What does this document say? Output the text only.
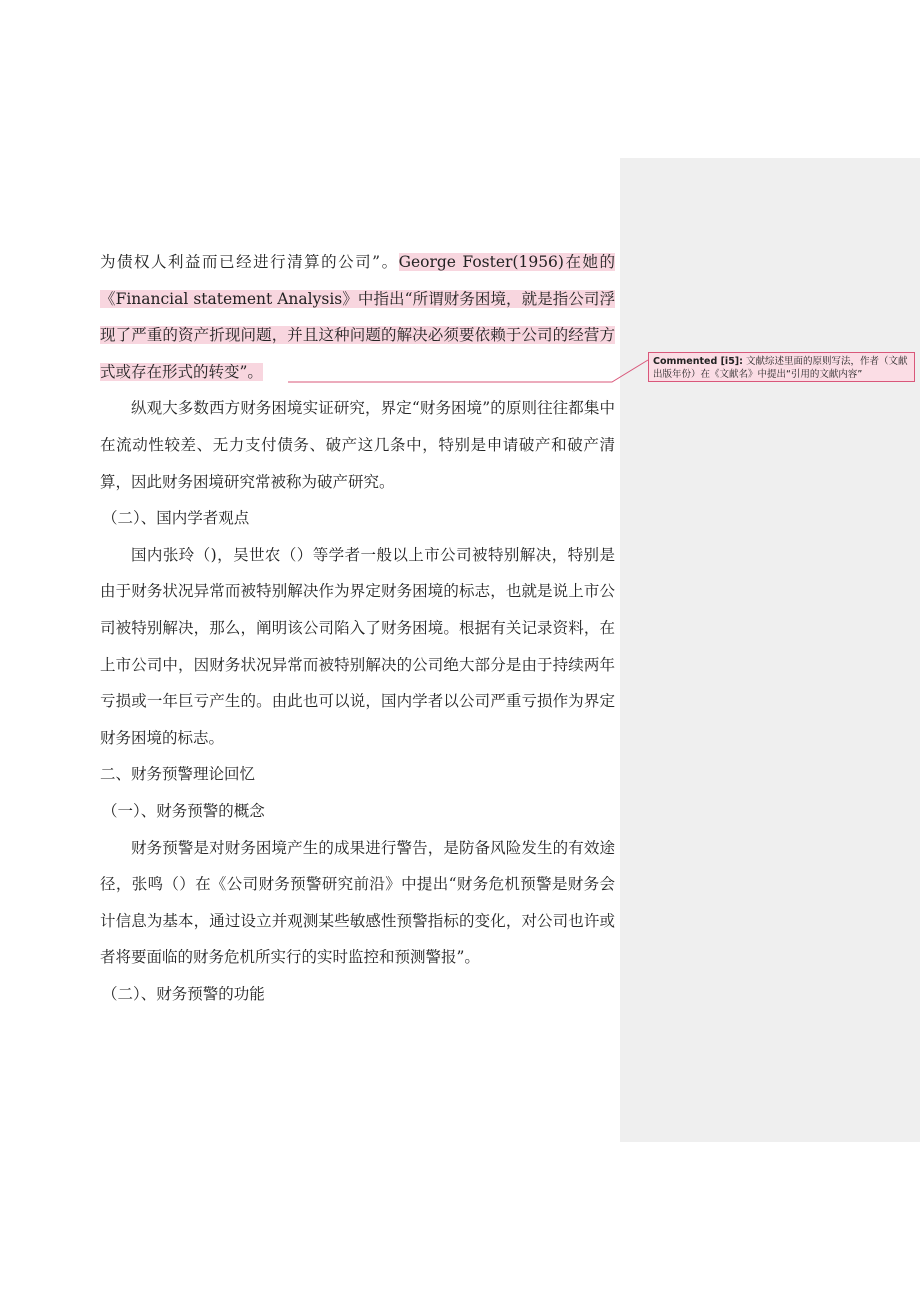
为债权人利益而已经进行清算的公司”。George Foster(1956)在她的《Financial statement Analysis》中指出“所谓财务困境，就是指公司浮现了严重的资产折现问题，并且这种问题的解决必须要依赖于公司的经营方式或存在形式的转变”。

纵观大多数西方财务困境实证研究，界定“财务困境”的原则往往都集中在流动性较差、无力支付债务、破产这几条中，特别是申请破产和破产清算，因此财务困境研究常被称为破产研究。

（二）、国内学者观点

国内张玲（)，吴世农（）等学者一般以上市公司被特别解决，特别是由于财务状况异常而被特别解决作为界定财务困境的标志，也就是说上市公司被特别解决，那么，阐明该公司陷入了财务困境。根据有关记录资料，在上市公司中，因财务状况异常而被特别解决的公司绝大部分是由于持续两年亏损或一年巨亏产生的。由此也可以说，国内学者以公司严重亏损作为界定财务困境的标志。

二、财务预警理论回忆

（一）、财务预警的概念

财务预警是对财务困境产生的成果进行警告，是防备风险发生的有效途径，张鸣（）在《公司财务预警研究前沿》中提出“财务危机预警是财务会计信息为基本，通过设立并观测某些敏感性预警指标的变化，对公司也许或者将要面临的财务危机所实行的实时监控和预测警报”。

（二）、财务预警的功能

Commented [i5]: 文献综述里面的原则写法，作者（文献出版年份）在《文献名》中提出“引用的文献内容”
